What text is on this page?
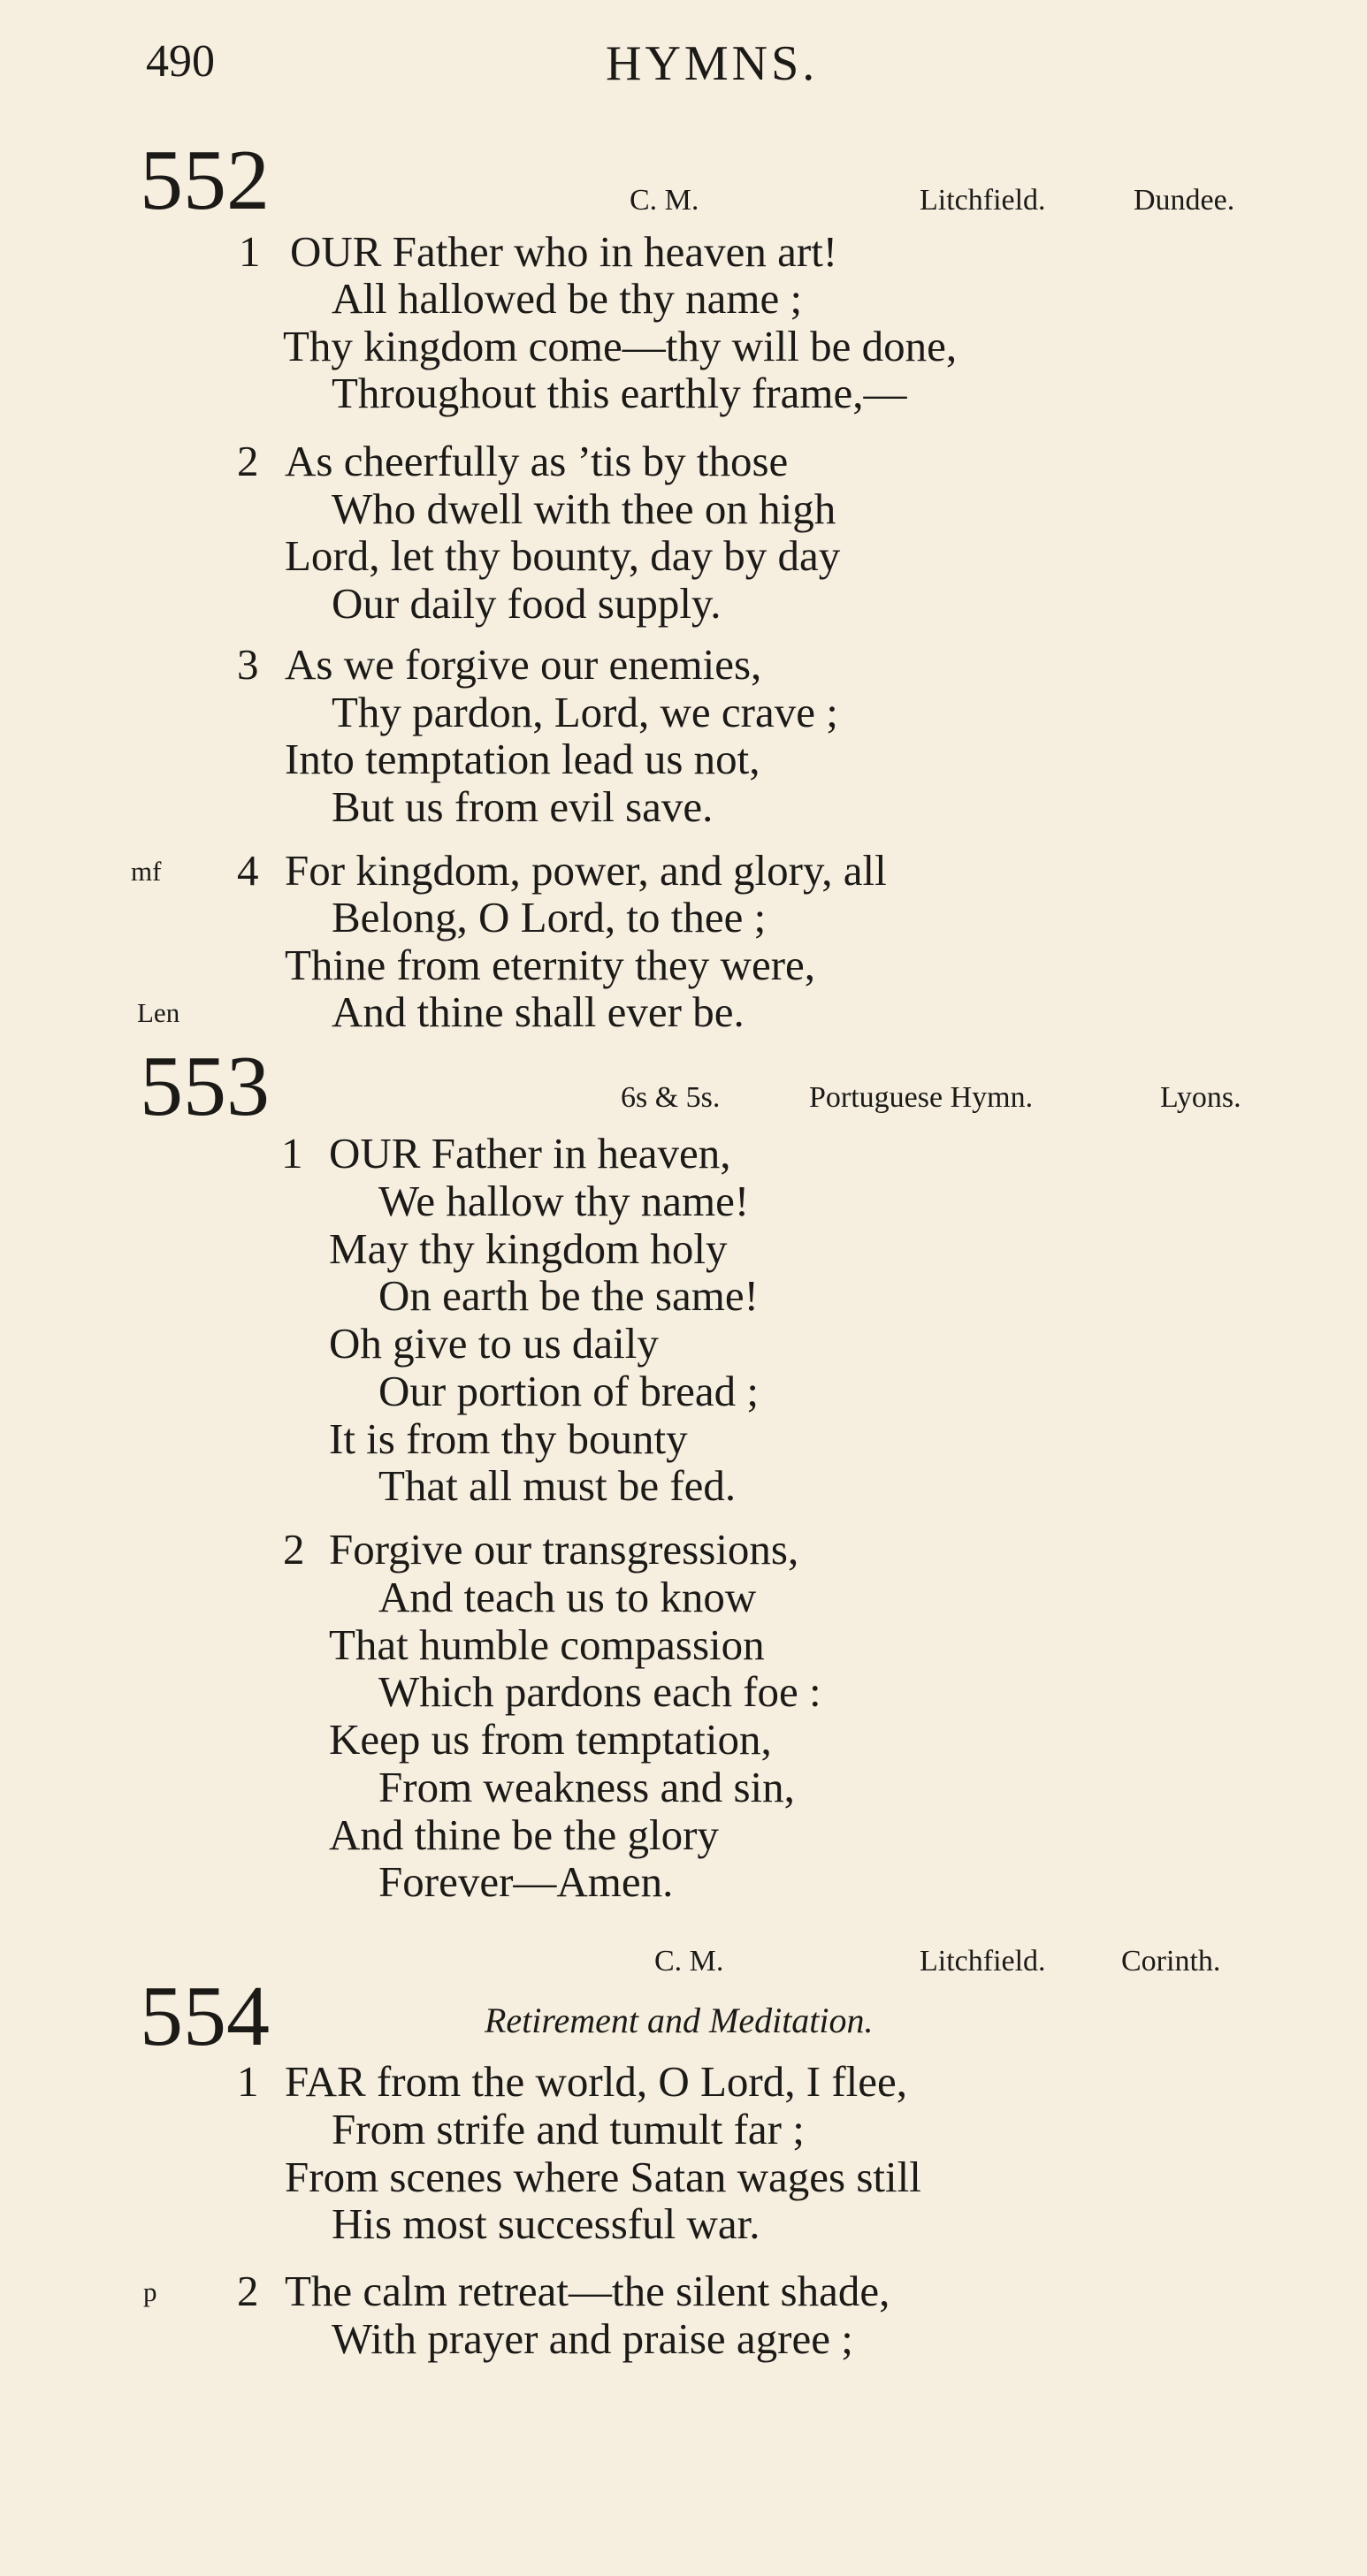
490	HYMNS.
552	C. M.	Litchfield.	Dundee.
1 OUR Father who in heaven art!
All hallowed be thy name ;
Thy kingdom come—thy will be done,
Throughout this earthly frame,—
2 As cheerfully as ’tis by those
Who dwell with thee on high
Lord, let thy bounty, day by day
Our daily food supply.
3 As we forgive our enemies,
Thy pardon, Lord, we crave ;
Into temptation lead us not,
But us from evil save.
mf 4 For kingdom, power, and glory, all
Belong, O Lord, to thee ;
Thine from eternity they were,
Len	And thine shall ever be.
553	6s & 5s.	Portuguese Hymn.	Lyons.
1 OUR Father in heaven,
We hallow thy name!
May thy kingdom holy
On earth be the same!
Oh give to us daily
Our portion of bread ;
It is from thy bounty
That all must be fed.
2 Forgive our transgressions,
And teach us to know
That humble compassion
Which pardons each foe :
Keep us from temptation,
From weakness and sin,
And thine be the glory
Forever—Amen.
C. M.	Litchfield.	Corinth.
554	Retirement and Meditation.
1 FAR from the world, O Lord, I flee,
From strife and tumult far ;
From scenes where Satan wages still
His most successful war.
p 2 The calm retreat—the silent shade,
With prayer and praise agree ;
